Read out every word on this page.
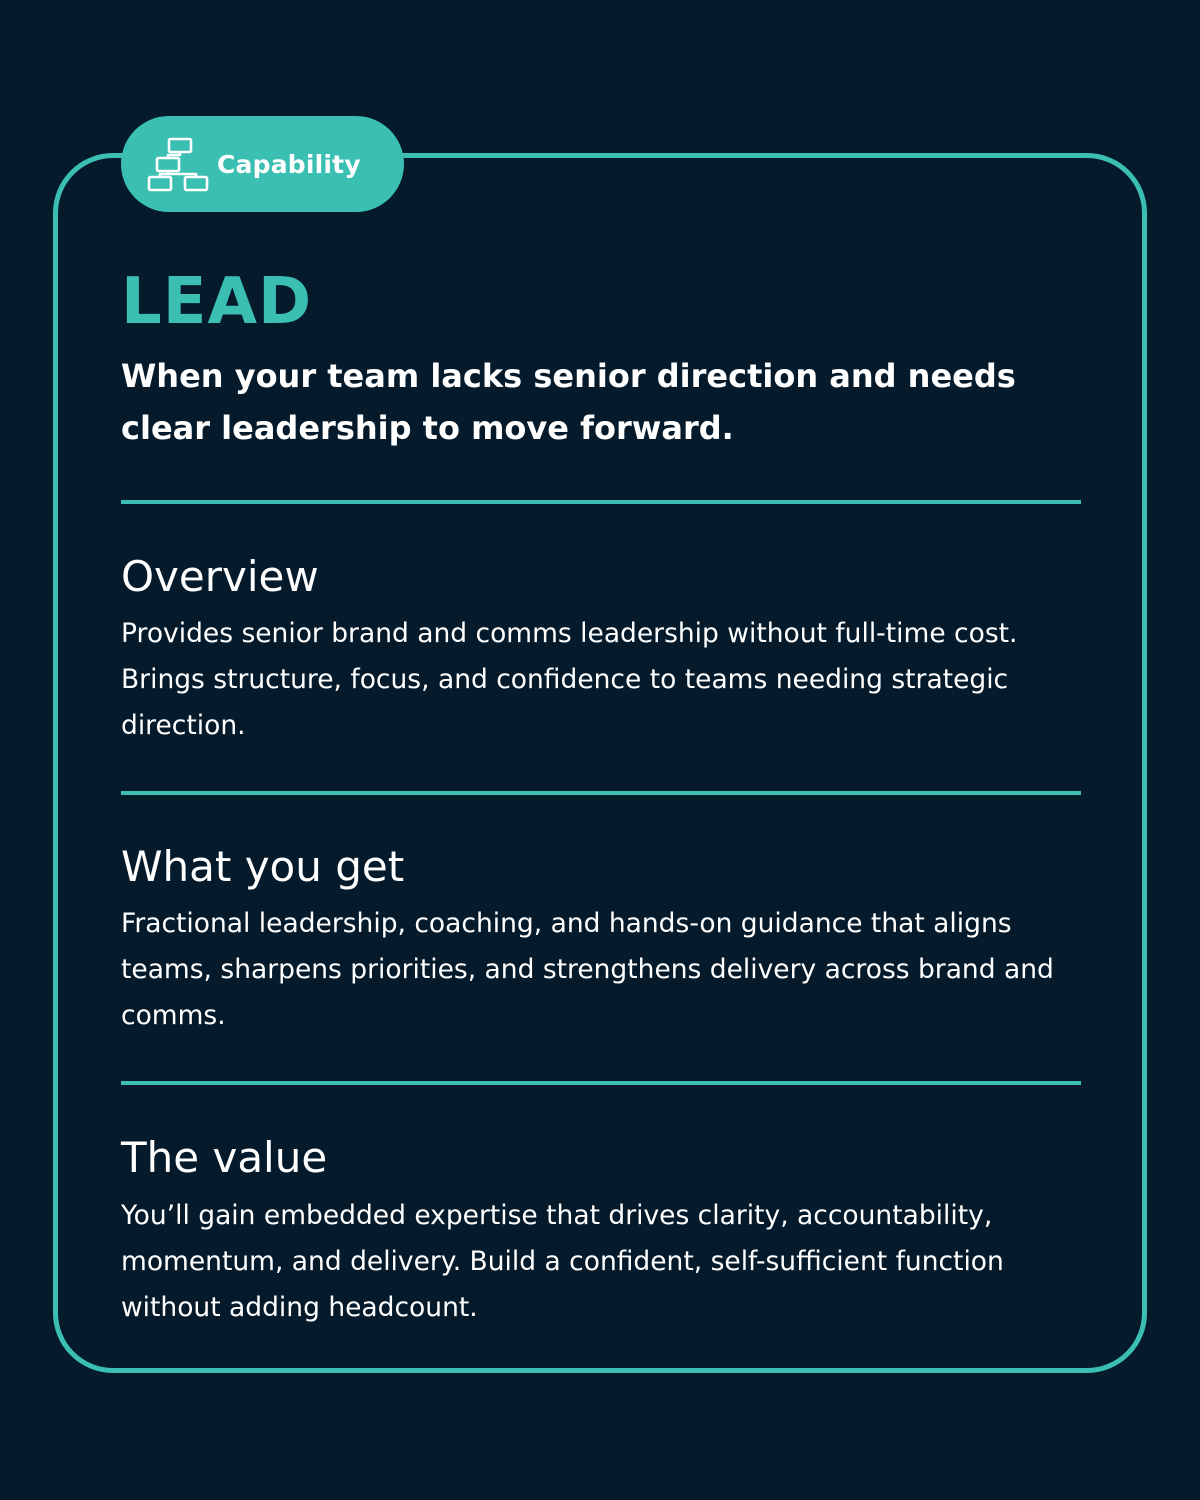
Capability
LEAD

When your team lacks senior direction and needs clear leadership to move forward.

Overview

Provides senior brand and comms leadership without full-time cost. Brings structure, focus, and confidence to teams needing strategic direction.

What you get

Fractional leadership, coaching, and hands-on guidance that aligns teams, sharpens priorities, and strengthens delivery across brand and comms.

The value

You’ll gain embedded expertise that drives clarity, accountability, momentum, and delivery. Build a confident, self-sufficient function without adding headcount.
